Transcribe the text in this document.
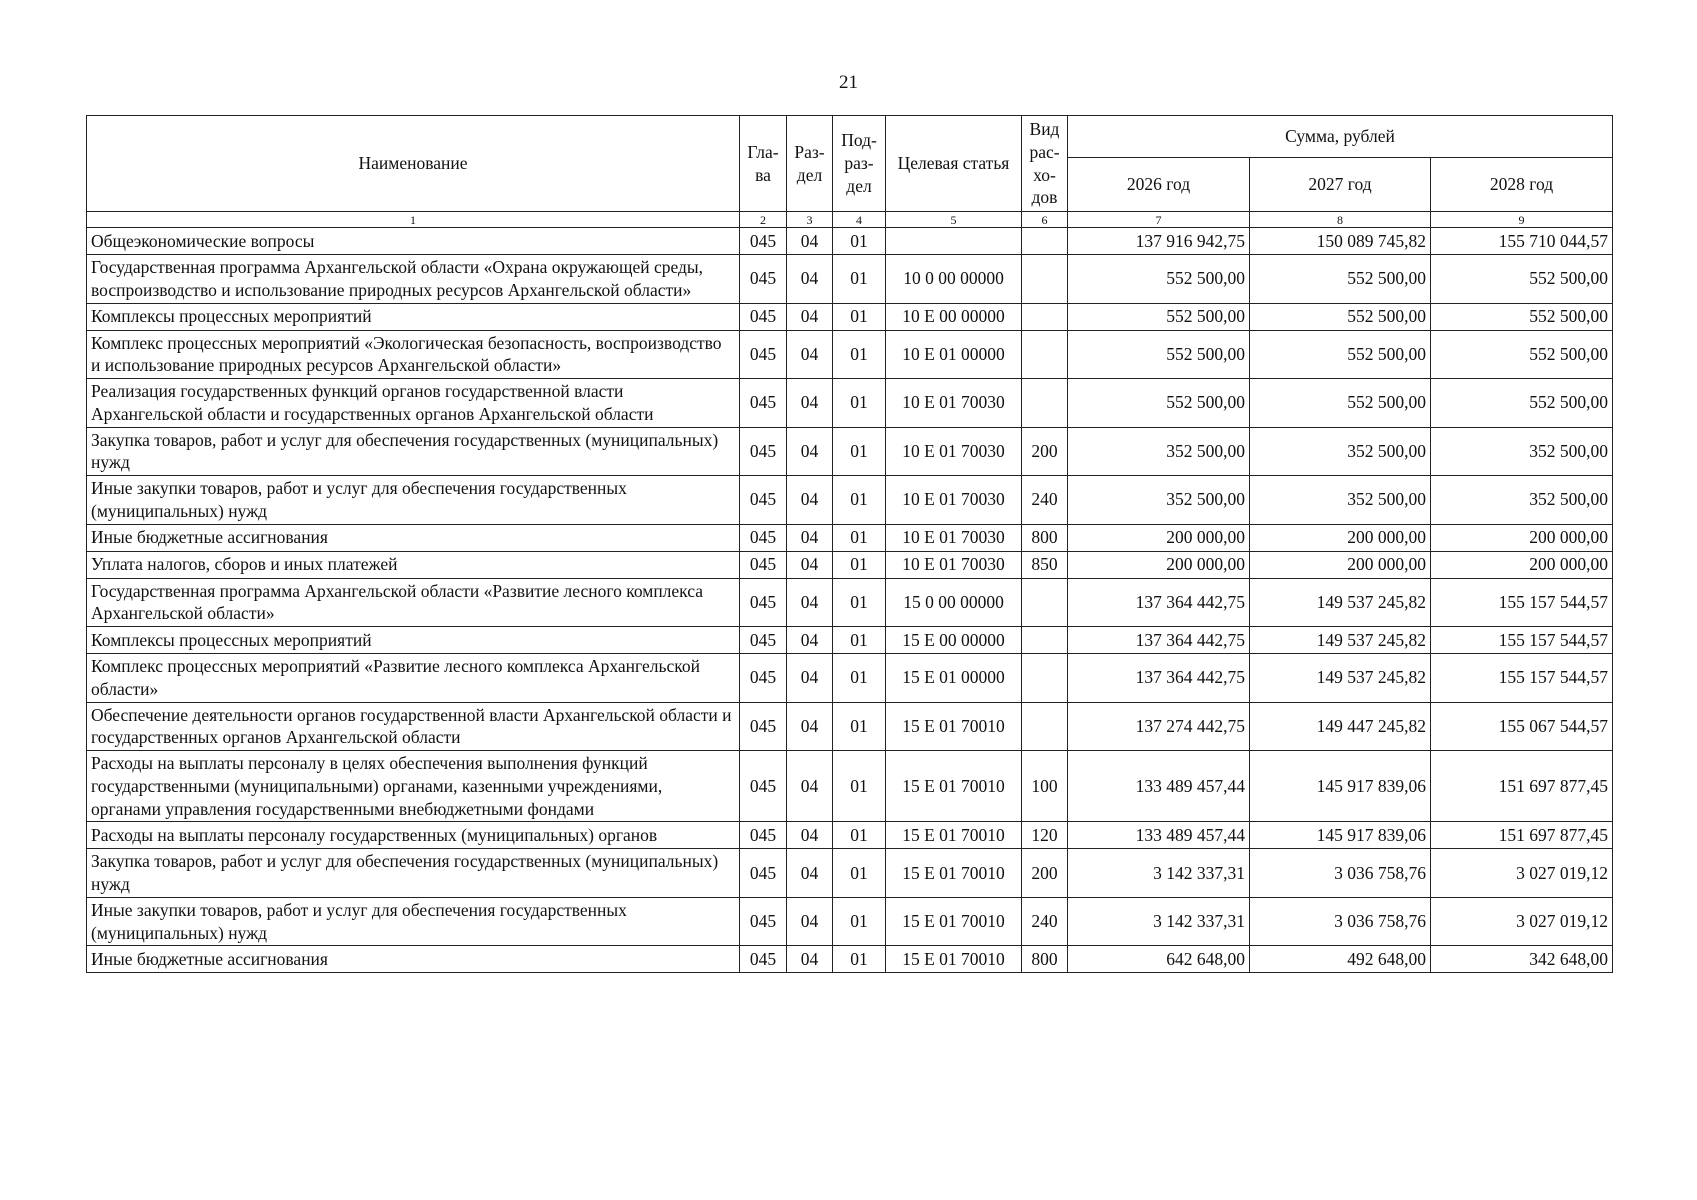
21
Наименование	Гла-ва	Раз-дел	Под-раз-дел	Целевая статья	Вид рас-хо-дов	Сумма, рублей		
						2026 год	2027 год	2028 год
1	2	3	4	5	6	7	8	9
Общеэкономические вопросы	045	04	01			137 916 942,75	150 089 745,82	155 710 044,57
Государственная программа Архангельской области «Охрана окружающей среды, воспроизводство и использование природных ресурсов Архангельской области»	045	04	01	10 0 00 00000		552 500,00	552 500,00	552 500,00
Комплексы процессных мероприятий	045	04	01	10 Е 00 00000		552 500,00	552 500,00	552 500,00
Комплекс процессных мероприятий «Экологическая безопасность, воспроизводство и использование природных ресурсов Архангельской области»	045	04	01	10 Е 01 00000		552 500,00	552 500,00	552 500,00
Реализация государственных функций органов государственной власти Архангельской области и государственных органов Архангельской области	045	04	01	10 Е 01 70030		552 500,00	552 500,00	552 500,00
Закупка товаров, работ и услуг для обеспечения государственных (муниципальных) нужд	045	04	01	10 Е 01 70030	200	352 500,00	352 500,00	352 500,00
Иные закупки товаров, работ и услуг для обеспечения государственных (муниципальных) нужд	045	04	01	10 Е 01 70030	240	352 500,00	352 500,00	352 500,00
Иные бюджетные ассигнования	045	04	01	10 Е 01 70030	800	200 000,00	200 000,00	200 000,00
Уплата налогов, сборов и иных платежей	045	04	01	10 Е 01 70030	850	200 000,00	200 000,00	200 000,00
Государственная программа Архангельской области «Развитие лесного комплекса Архангельской области»	045	04	01	15 0 00 00000		137 364 442,75	149 537 245,82	155 157 544,57
Комплексы процессных мероприятий	045	04	01	15 Е 00 00000		137 364 442,75	149 537 245,82	155 157 544,57
Комплекс процессных мероприятий «Развитие лесного комплекса Архангельской области»	045	04	01	15 Е 01 00000		137 364 442,75	149 537 245,82	155 157 544,57
Обеспечение деятельности органов государственной власти Архангельской области и государственных органов Архангельской области	045	04	01	15 Е 01 70010		137 274 442,75	149 447 245,82	155 067 544,57
Расходы на выплаты персоналу в целях обеспечения выполнения функций государственными (муниципальными) органами, казенными учреждениями, органами управления государственными внебюджетными фондами	045	04	01	15 Е 01 70010	100	133 489 457,44	145 917 839,06	151 697 877,45
Расходы на выплаты персоналу государственных (муниципальных) органов	045	04	01	15 Е 01 70010	120	133 489 457,44	145 917 839,06	151 697 877,45
Закупка товаров, работ и услуг для обеспечения государственных (муниципальных) нужд	045	04	01	15 Е 01 70010	200	3 142 337,31	3 036 758,76	3 027 019,12
Иные закупки товаров, работ и услуг для обеспечения государственных (муниципальных) нужд	045	04	01	15 Е 01 70010	240	3 142 337,31	3 036 758,76	3 027 019,12
Иные бюджетные ассигнования	045	04	01	15 Е 01 70010	800	642 648,00	492 648,00	342 648,00
